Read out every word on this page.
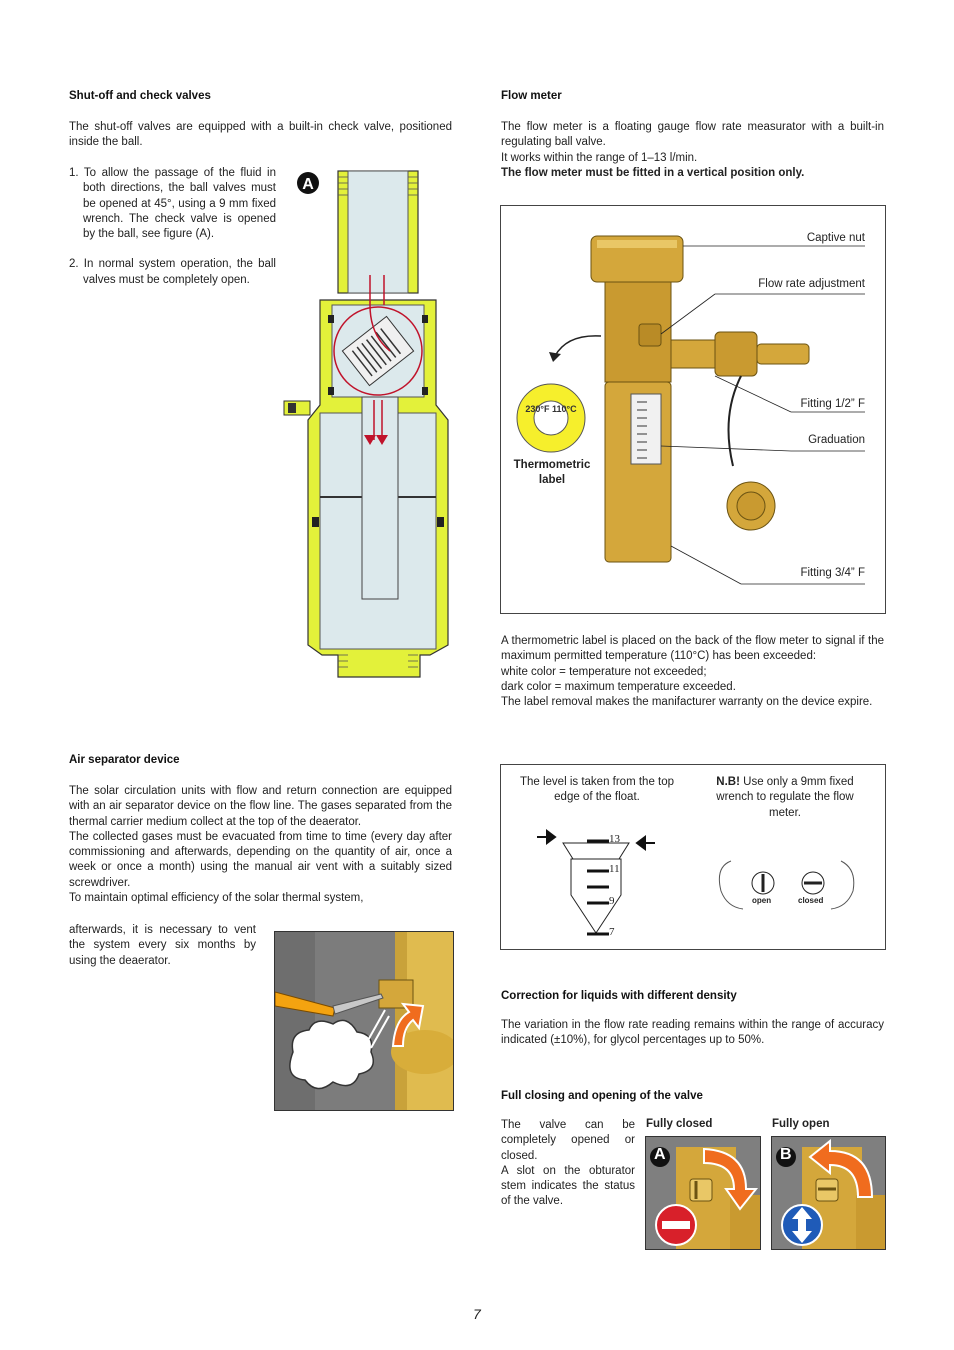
Shut-off and check valves
The shut-off valves are equipped with a built-in check valve, positioned inside the ball.
1. To allow the passage of the fluid in both directions, the ball valves must be opened at 45°, using a 9 mm fixed wrench. The check valve is opened by the ball, see figure (A).
2. In normal system operation, the ball valves must be completely open.
A
Air separator device

The solar circulation units with flow and return connection are equipped with an air separator device on the flow line. The gases separated from the thermal carrier medium collect at the top of the deaerator.

The collected gases must be evacuated from time to time (every day after commissioning and afterwards, depending on the quantity of air, once a week or once a month) using the manual air vent with a suitably sized screwdriver.

To maintain optimal efficiency of the solar thermal system,

afterwards, it is necessary to vent the system every six months by using the deaerator.
Flow meter

The flow meter is a floating gauge flow rate measurator with a built-in regulating ball valve.

It works within the range of 1–13 l/min.

The flow meter must be fitted in a vertical position only.

Captive nut
Flow rate adjustment
Fitting 1/2” F
Graduation
Fitting 3/4” F
Thermometric label
230°F 110°C

A thermometric label is placed on the back of the flow meter to signal if the maximum permitted temperature (110°C) has been exceeded:

white color = temperature not exceeded;

dark color = maximum temperature exceeded.

The label removal makes the manifacturer warranty on the device expire.

The level is taken from the top edge of the float.
N.B! Use only a 9mm fixed wrench to regulate the flow meter.
13
11
9
7
open	closed
Correction for liquids with different density
The variation in the flow rate reading remains within the range of accuracy indicated (±10%), for glycol percentages up to 50%.
Full closing and opening of the valve

The valve can be completely opened or closed.

A slot on the obturator stem indicates the status of the valve.

Fully closed	Fully open
A	B
7
